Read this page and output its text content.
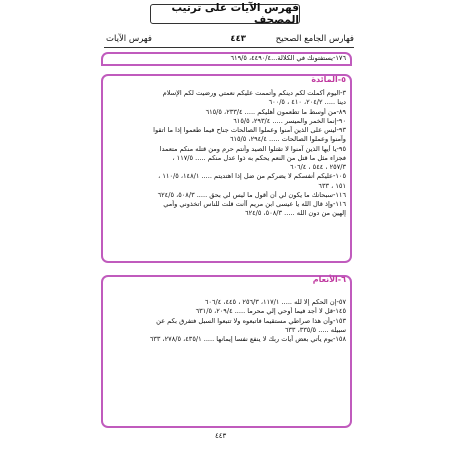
فهرس الآيات على ترتيب المصحف
فهارس الجامع الصحيح
٤٤٣
فهرس الآيات

١٧٦-يستفتونك في الكلالة...٤٤٩٠/٤، ٦١٩/٥

٥-المائدة

٣-اليوم أكملت لكم دينكم وأتممت عليكم نعمتي ورضيت لكم الإسلام

دينا ..... ٢٠٤/٢، ٤١٠ ، ٦٠٠/٥

٨٩-من أوسط ما تطعمون أهليكم ..... ٢٣٣/٤، ٦١٥/٥

٩٠-إنما الخمر والميسر ..... ٢٩٣/٤، ٦١٥/٥

٩٣-ليس على الذين آمنوا وعملوا الصالحات جناح فيما طعموا إذا ما اتقوا

وآمنوا وعملوا الصالحات ..... ٢٩٤/٤، ٦١٥/٥

٩٥-يا أيها الذين آمنوا لا تقتلوا الصيد وأنتم حرم ومن قتله منكم متعمدا

فجزاء مثل ما قتل من النعم يحكم به ذوا عدل منكم ..... ١١٧/٥ ،

٢٥٧/٣ ، ٥٤٤ ، ٦٠٦/٤

١٠٥-عليكم أنفسكم لا يضركم من ضل إذا اهتديتم ..... ١٤٨/١، ١١٠/٥ ،

١٥١ ، ٦٣٣

١١٦-سبحانك ما يكون لي أن أقول ما ليس لي بحق ..... ٥٠٨/٣، ٦٢٤/٥

١١٦-وإذ قال الله يا عيسى ابن مريم أأنت قلت للناس اتخذوني وأمي

إلهين من دون الله ..... ٥٠٨/٣، ٦٢٤/٥

٦-الأنعام

٥٧-إن الحكم إلا لله ..... ١١٧/١، ٢٥٦/٣ ، ٤٤٥، ٦٠٦/٤

١٤٥-قل لا أجد فيما أوحي إلي محرما ..... ٢٠٩/٤، ٦٣١/٥

١٥٣-وأن هذا صراطي مستقيما فاتبعوه ولا تتبعوا السبل فتفرق بكم عن

سبيله ..... ٣٣٥/٥، ٦٣٣

١٥٨-يوم يأتي بعض آيات ربك لا ينفع نفسا إيمانها ..... ٤٣٥/١، ٢٧٨/٥، ٦٣٣

٤٤٣
